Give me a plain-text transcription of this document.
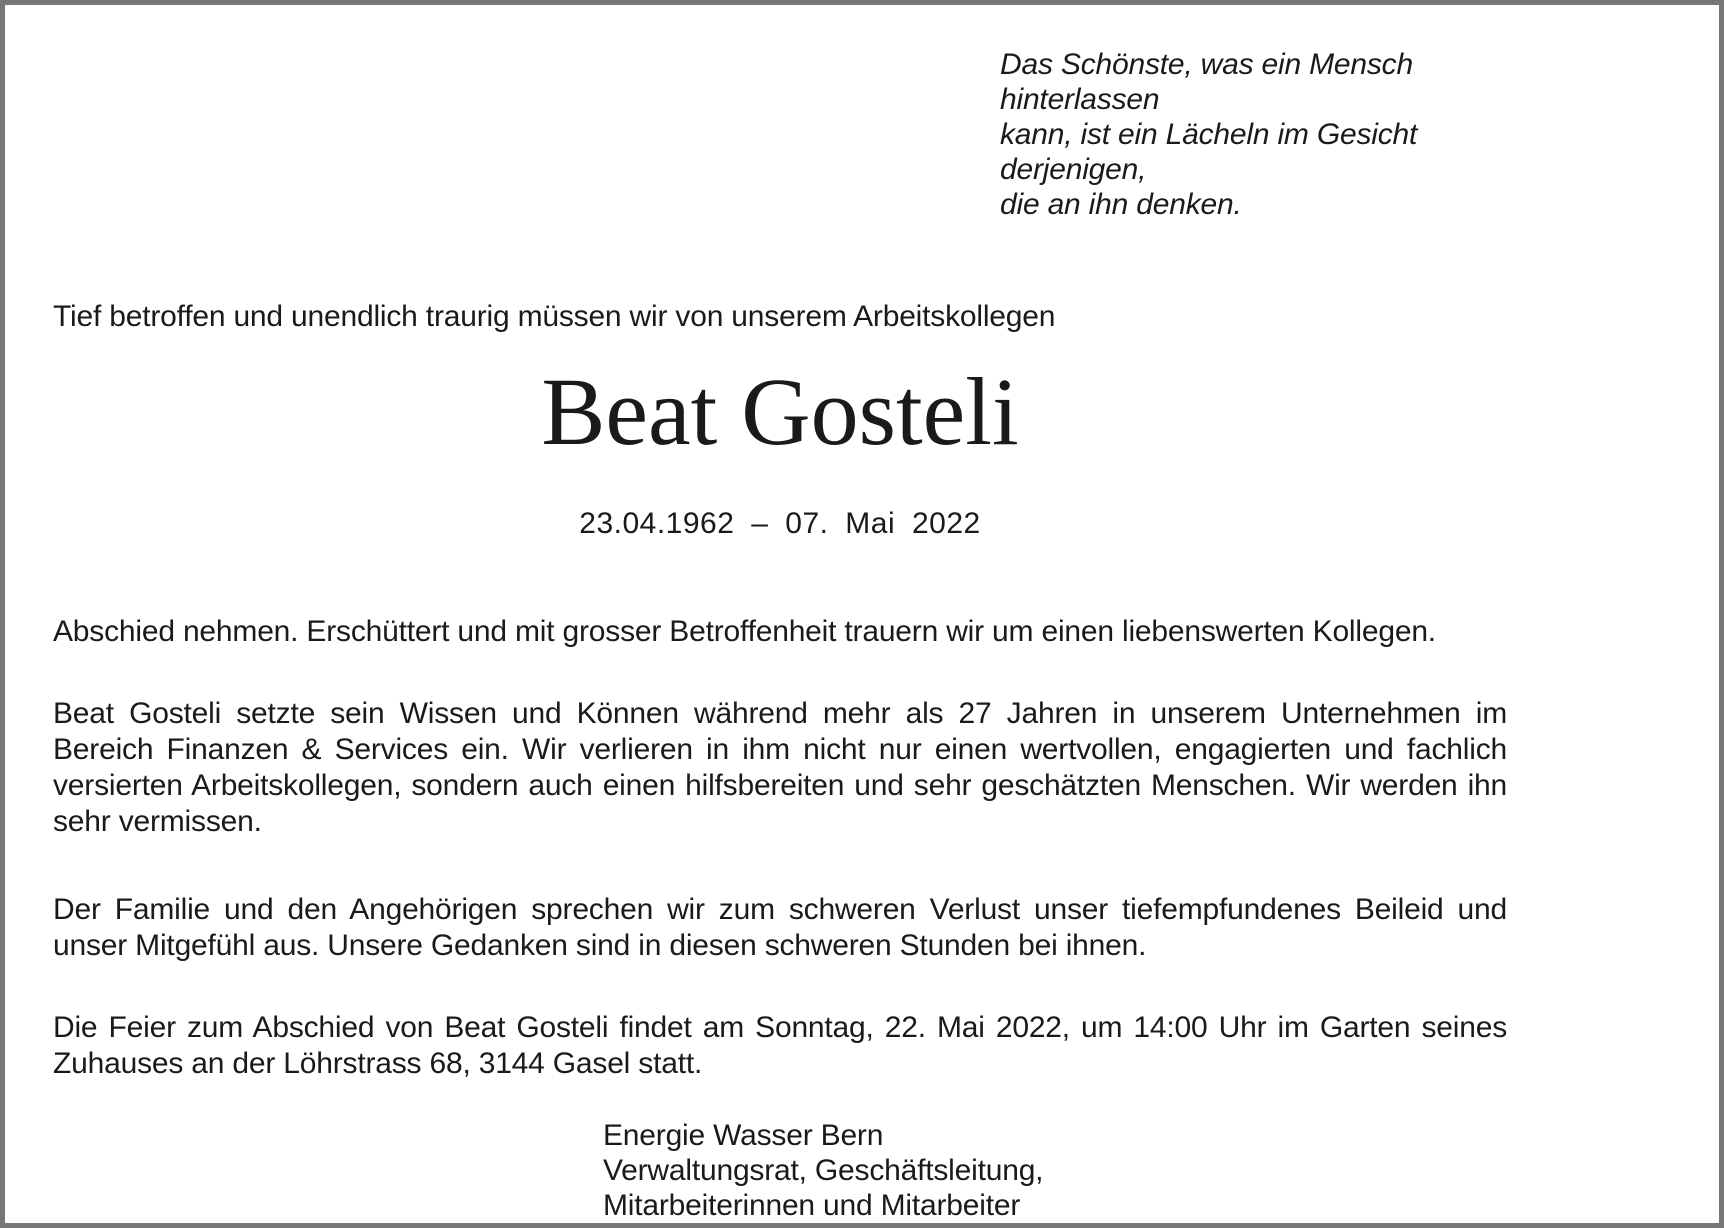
Das Schönste, was ein Mensch hinterlassen
kann, ist ein Lächeln im Gesicht derjenigen,
die an ihn denken.

Tief betroffen und unendlich traurig müssen wir von unserem Arbeitskollegen

Beat Gosteli
23.04.1962 – 07. Mai 2022

Abschied nehmen. Erschüttert und mit grosser Betroffenheit trauern wir um einen liebenswerten Kollegen.

Beat Gosteli setzte sein Wissen und Können während mehr als 27 Jahren in unserem Unternehmen im Bereich Finanzen & Services ein. Wir verlieren in ihm nicht nur einen wertvollen, engagierten und fachlich versierten Arbeitskollegen, sondern auch einen hilfsbereiten und sehr geschätzten Menschen. Wir werden ihn sehr vermissen.

Der Familie und den Angehörigen sprechen wir zum schweren Verlust unser tiefempfundenes Beileid und unser Mitgefühl aus. Unsere Gedanken sind in diesen schweren Stunden bei ihnen.

Die Feier zum Abschied von Beat Gosteli findet am Sonntag, 22. Mai 2022, um 14:00 Uhr im Garten seines Zuhauses an der Löhrstrass 68, 3144 Gasel statt.

Energie Wasser Bern
Verwaltungsrat, Geschäftsleitung,
Mitarbeiterinnen und Mitarbeiter
